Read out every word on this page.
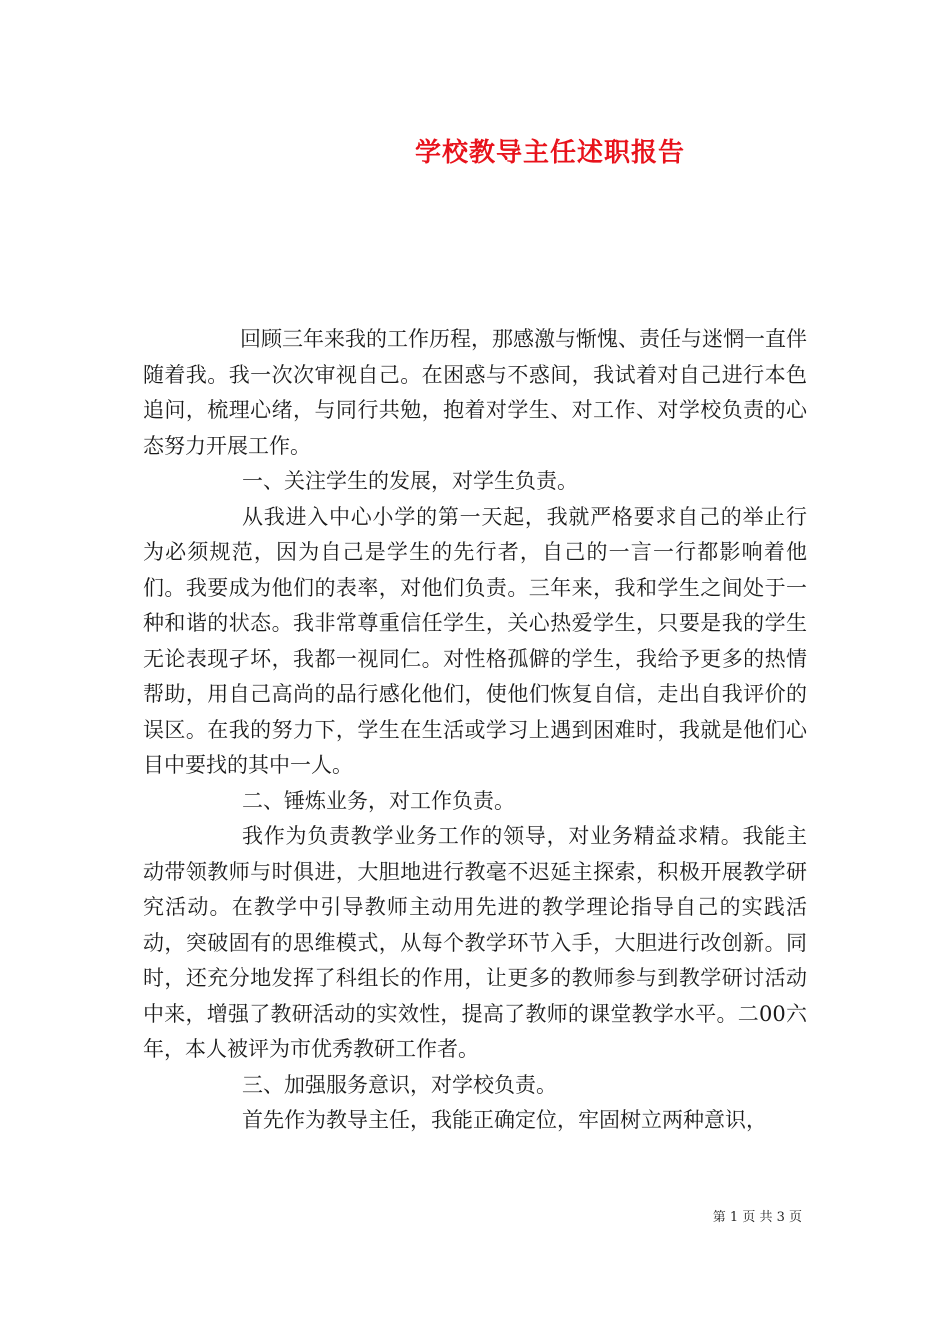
学校教导主任述职报告

回顾三年来我的工作历程，那感激与惭愧、责任与迷惘一直伴随着我。我一次次审视自己。在困惑与不惑间，我试着对自己进行本色追问，梳理心绪，与同行共勉，抱着对学生、对工作、对学校负责的心态努力开展工作。

一、关注学生的发展，对学生负责。

从我进入中心小学的第一天起，我就严格要求自己的举止行为必须规范，因为自己是学生的先行者，自己的一言一行都影响着他们。我要成为他们的表率，对他们负责。三年来，我和学生之间处于一种和谐的状态。我非常尊重信任学生，关心热爱学生，只要是我的学生无论表现孑坏，我都一视同仁。对性格孤僻的学生，我给予更多的热情帮助，用自己高尚的品行感化他们，使他们恢复自信，走出自我评价的误区。在我的努力下，学生在生活或学习上遇到困难时，我就是他们心目中要找的其中一人。

二、锤炼业务，对工作负责。

我作为负责教学业务工作的领导，对业务精益求精。我能主动带领教师与时俱进，大胆地进行教毫不迟延主探索，积极开展教学研究活动。在教学中引导教师主动用先进的教学理论指导自己的实践活动，突破固有的思维模式，从每个教学环节入手，大胆进行改创新。同时，还充分地发挥了科组长的作用，让更多的教师参与到教学研讨活动中来，增强了教研活动的实效性，提高了教师的课堂教学水平。二00六年，本人被评为市优秀教研工作者。

三、加强服务意识，对学校负责。

首先作为教导主任，我能正确定位，牢固树立两种意识，

第 1 页 共 3 页
